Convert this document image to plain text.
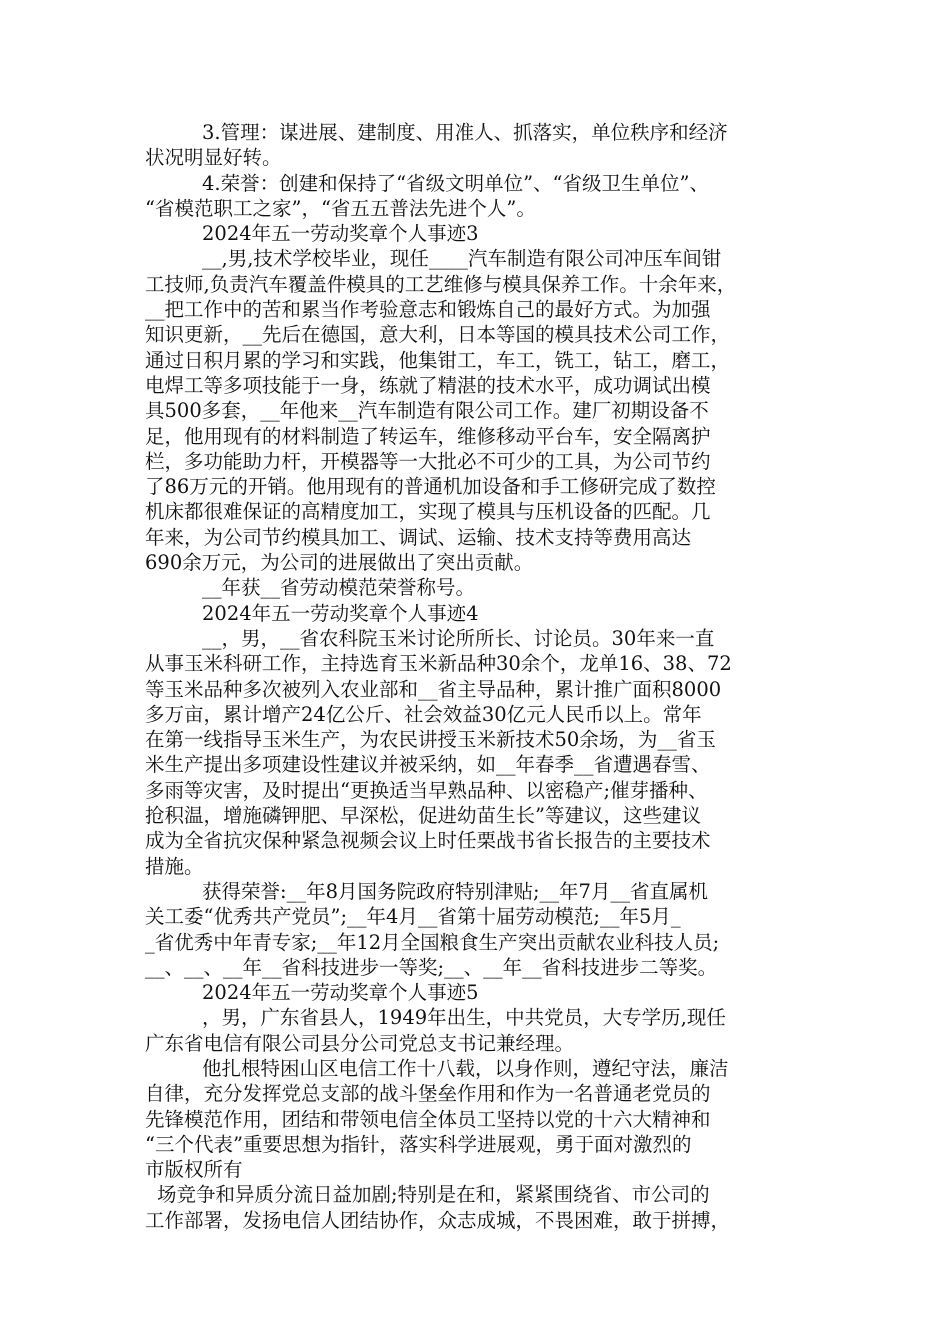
3.管理：谋进展、建制度、用准人、抓落实，单位秩序和经济
状况明显好转。
4.荣誉：创建和保持了“省级文明单位”、“省级卫生单位”、
“省模范职工之家”，“省五五普法先进个人”。
2024年五一劳动奖章个人事迹3
__,男,技术学校毕业，现任____汽车制造有限公司冲压车间钳
工技师,负责汽车覆盖件模具的工艺维修与模具保养工作。十余年来，
__把工作中的苦和累当作考验意志和锻炼自己的最好方式。为加强
知识更新，__先后在德国，意大利，日本等国的模具技术公司工作，
通过日积月累的学习和实践，他集钳工，车工，铣工，钻工，磨工，
电焊工等多项技能于一身，练就了精湛的技术水平，成功调试出模
具500多套，__年他来__汽车制造有限公司工作。建厂初期设备不
足，他用现有的材料制造了转运车，维修移动平台车，安全隔离护
栏，多功能助力杆，开模器等一大批必不可少的工具，为公司节约
了86万元的开销。他用现有的普通机加设备和手工修研完成了数控
机床都很难保证的高精度加工，实现了模具与压机设备的匹配。几
年来，为公司节约模具加工、调试、运输、技术支持等费用高达
690余万元，为公司的进展做出了突出贡献。
__年获__省劳动模范荣誉称号。
2024年五一劳动奖章个人事迹4
__，男，__省农科院玉米讨论所所长、讨论员。30年来一直
从事玉米科研工作，主持选育玉米新品种30余个，龙单16、38、72
等玉米品种多次被列入农业部和__省主导品种，累计推广面积8000
多万亩，累计增产24亿公斤、社会效益30亿元人民币以上。常年
在第一线指导玉米生产，为农民讲授玉米新技术50余场，为__省玉
米生产提出多项建设性建议并被采纳，如__年春季__省遭遇春雪、
多雨等灾害，及时提出“更换适当早熟品种、以密稳产;催芽播种、
抢积温，增施磷钾肥、早深松，促进幼苗生长”等建议，这些建议
成为全省抗灾保种紧急视频会议上时任栗战书省长报告的主要技术
措施。
获得荣誉:__年8月国务院政府特别津贴;__年7月__省直属机
关工委“优秀共产党员”;__年4月__省第十届劳动模范;__年5月_
_省优秀中年青专家;__年12月全国粮食生产突出贡献农业科技人员;
__、__、__年__省科技进步一等奖;__、__年__省科技进步二等奖。
2024年五一劳动奖章个人事迹5
，男，广东省县人，1949年出生，中共党员，大专学历,现任
广东省电信有限公司县分公司党总支书记兼经理。
他扎根特困山区电信工作十八载，以身作则，遵纪守法，廉洁
自律，充分发挥党总支部的战斗堡垒作用和作为一名普通老党员的
先锋模范作用，团结和带领电信全体员工坚持以党的十六大精神和
“三个代表”重要思想为指针，落实科学进展观，勇于面对激烈的
市版权所有
场竞争和异质分流日益加剧;特别是在和，紧紧围绕省、市公司的
工作部署，发扬电信人团结协作，众志成城，不畏困难，敢于拼搏，
